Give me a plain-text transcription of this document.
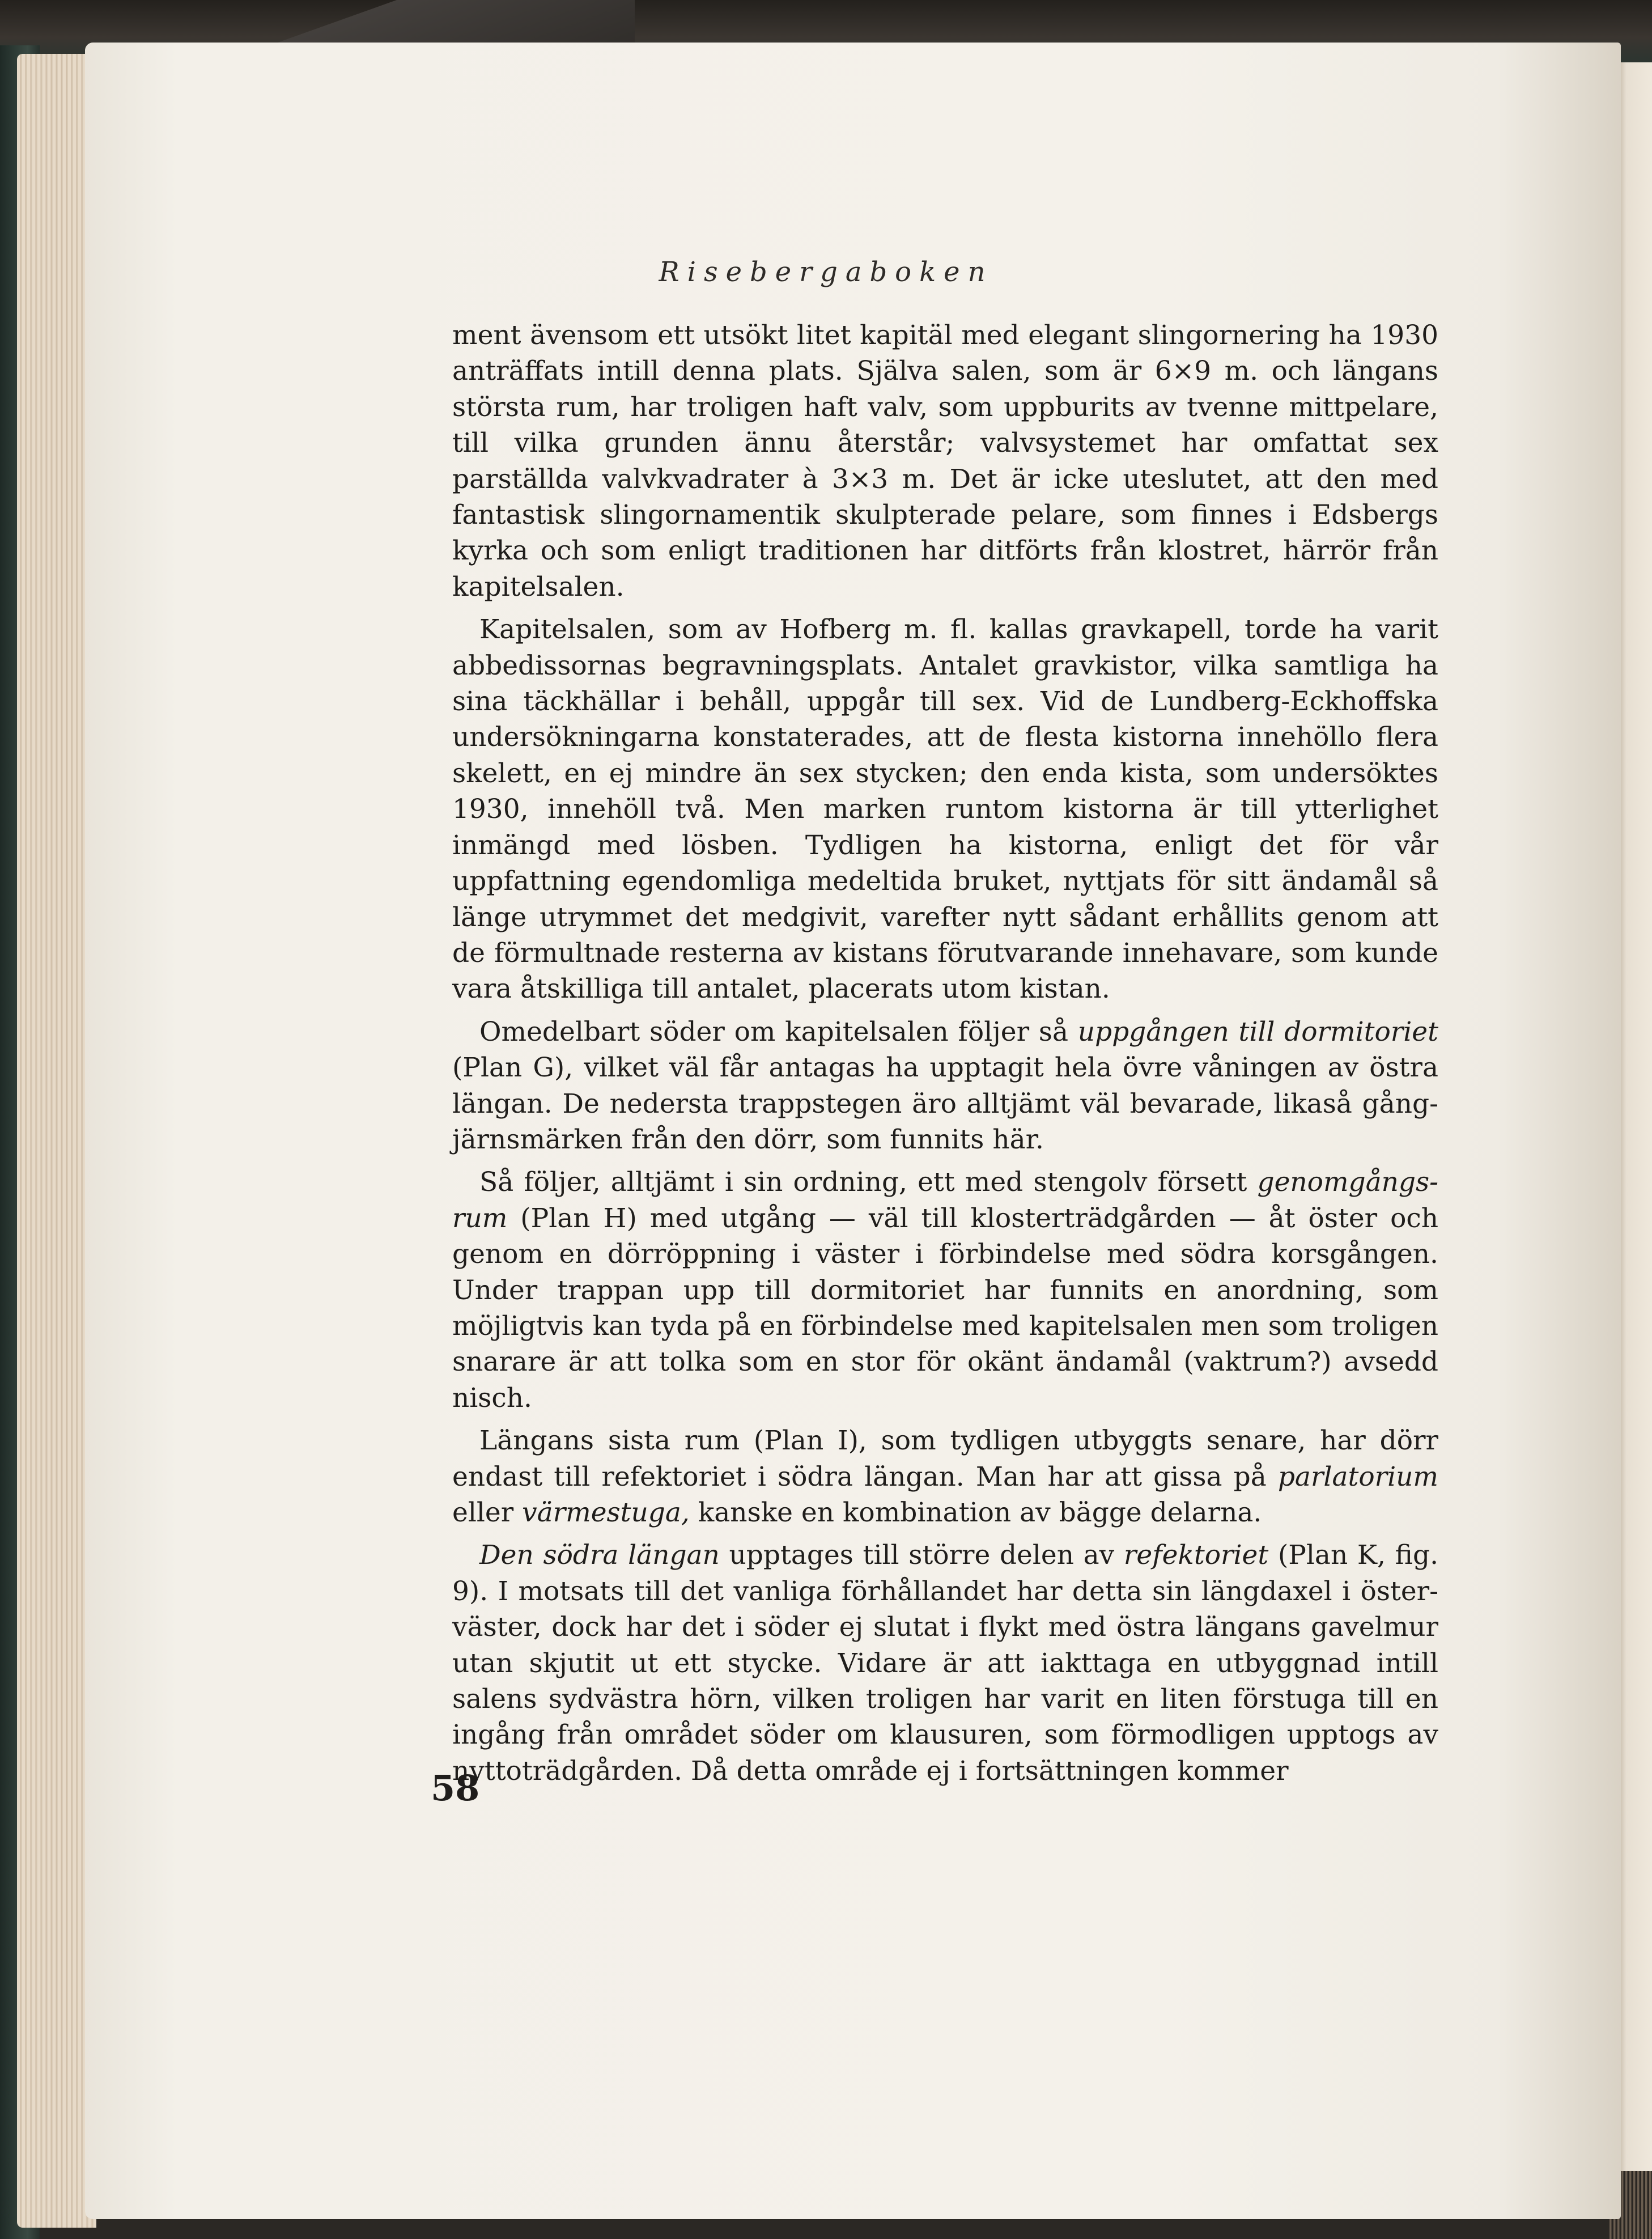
Risebergaboken

ment ävensom ett utsökt litet kapitäl med elegant slingornering ha 1930 anträffats intill denna plats. Själva salen, som är 6×9 m. och längans största rum, har troligen haft valv, som uppburits av tvenne mittpelare, till vilka grunden ännu återstår; valvsystemet har omfattat sex parställda valvkvadrater à 3×3 m. Det är icke uteslutet, att den med fantastisk slingornamentik skulpterade pelare, som finnes i Edsbergs kyrka och som enligt traditionen har ditförts från klostret, härrör från kapitelsalen.

Kapitelsalen, som av Hofberg m. fl. kallas gravkapell, torde ha varit abbedissornas begravningsplats. Antalet gravkistor, vilka samtliga ha sina täckhällar i behåll, uppgår till sex. Vid de Lundberg-Eckhoffska undersökningarna konstaterades, att de flesta kistorna innehöllo flera skelett, en ej mindre än sex stycken; den enda kista, som undersöktes 1930, innehöll två. Men marken runtom kistorna är till ytterlighet inmängd med lösben. Tydligen ha kistorna, enligt det för vår uppfattning egendomliga medeltida bruket, nyttjats för sitt ändamål så länge utrymmet det medgivit, varefter nytt sådant erhållits genom att de förmultnade resterna av kistans förutvarande innehavare, som kunde vara åtskilliga till antalet, placerats utom kistan.

Omedelbart söder om kapitelsalen följer så uppgången till dormitoriet (Plan G), vilket väl får antagas ha upptagit hela övre våningen av östra längan. De nedersta trappstegen äro alltjämt väl bevarade, likaså gångjärnsmärken från den dörr, som funnits här.

Så följer, alltjämt i sin ordning, ett med stengolv försett genomgångsrum (Plan H) med utgång — väl till klosterträdgården — åt öster och genom en dörröppning i väster i förbindelse med södra korsgången. Under trappan upp till dormitoriet har funnits en anordning, som möjligtvis kan tyda på en förbindelse med kapitelsalen men som troligen snarare är att tolka som en stor för okänt ändamål (vaktrum?) avsedd nisch.

Längans sista rum (Plan I), som tydligen utbyggts senare, har dörr endast till refektoriet i södra längan. Man har att gissa på parlatorium eller värmestuga, kanske en kombination av bägge delarna.

Den södra längan upptages till större delen av refektoriet (Plan K, fig. 9). I motsats till det vanliga förhållandet har detta sin längdaxel i öster-väster, dock har det i söder ej slutat i flykt med östra längans gavelmur utan skjutit ut ett stycke. Vidare är att iakttaga en utbyggnad intill salens sydvästra hörn, vilken troligen har varit en liten förstuga till en ingång från området söder om klausuren, som förmodligen upptogs av nyttoträdgården. Då detta område ej i fortsättningen kommer

58
